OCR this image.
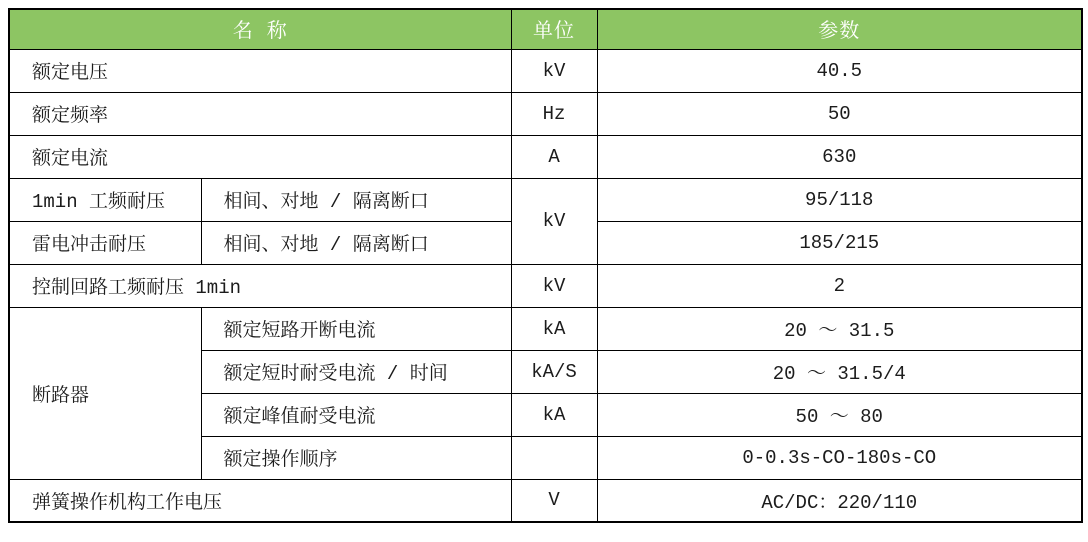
名 称		单位	参数
额定电压		kV	40.5
额定频率		Hz	50
额定电流		A	630
1min 工频耐压	相间、对地 / 隔离断口	kV	95/118
雷电冲击耐压	相间、对地 / 隔离断口		185/215
控制回路工频耐压 1min		kV	2
断路器	额定短路开断电流	kA	20 ～ 31.5
	额定短时耐受电流 / 时间	kA/S	20 ～ 31.5/4
	额定峰值耐受电流	kA	50 ～ 80
	额定操作顺序		0-0.3s-CO-180s-CO
弹簧操作机构工作电压		V	AC/DC：220/110
